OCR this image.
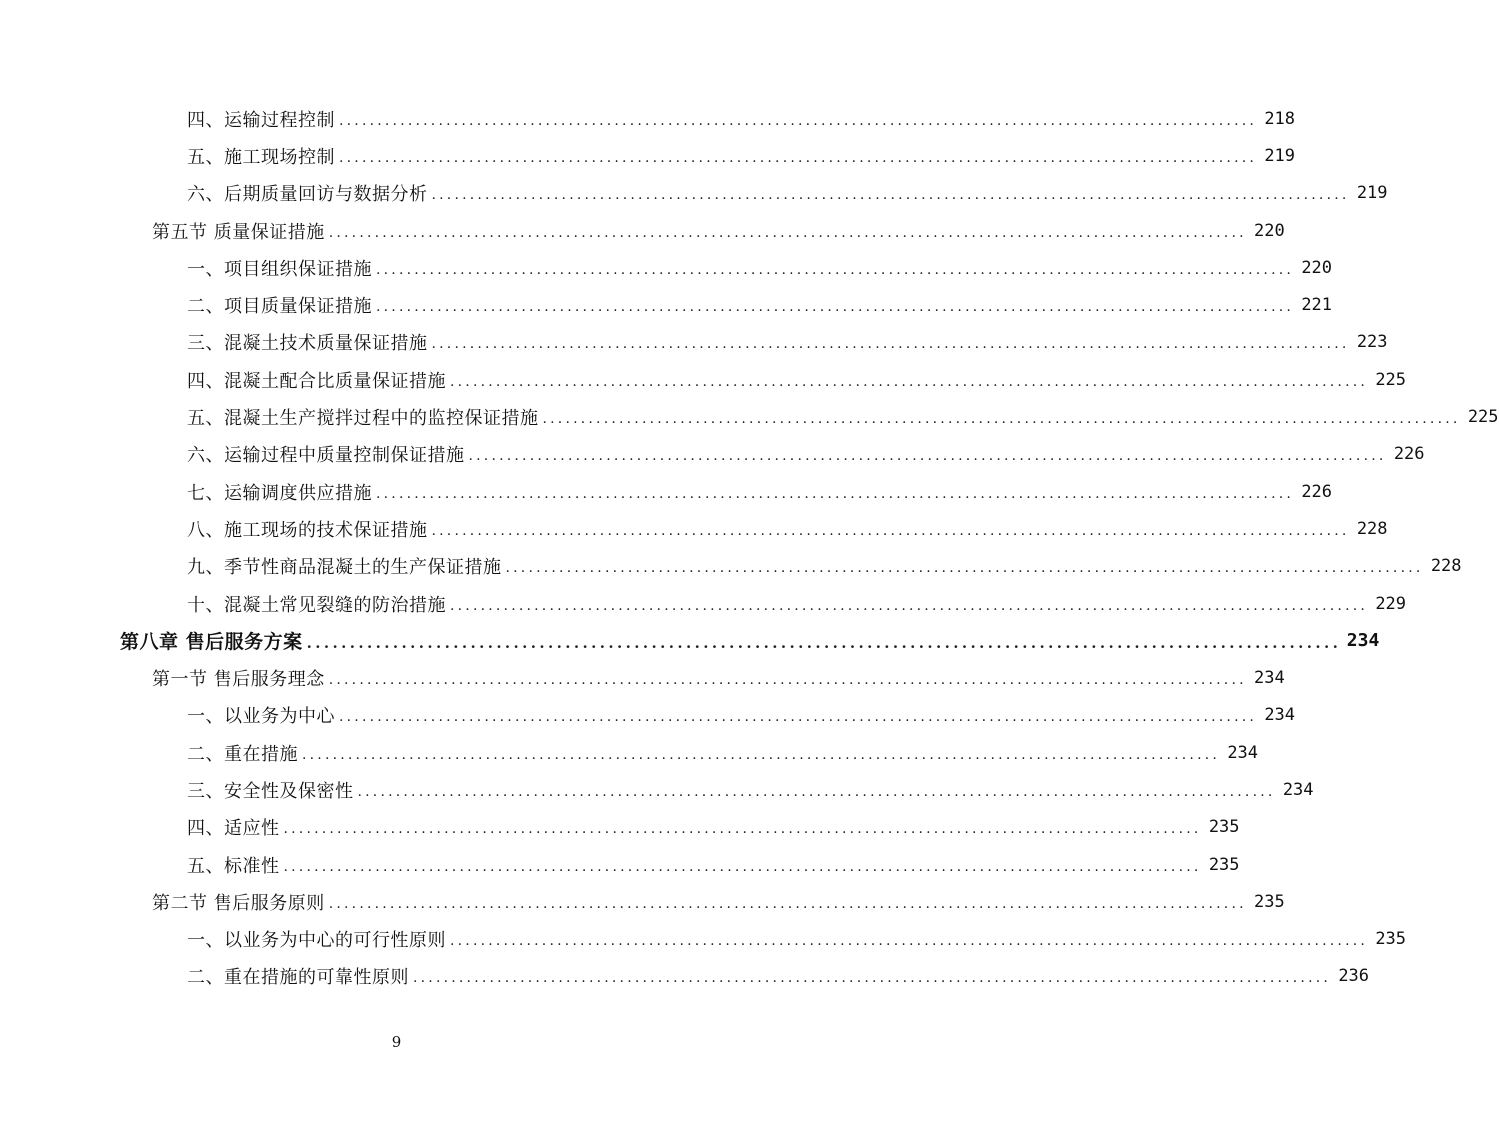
四、运输过程控制 ........................................................................................................................ 218
五、施工现场控制 ........................................................................................................................ 219
六、后期质量回访与数据分析 ........................................................................................................................ 219
第五节 质量保证措施 ........................................................................................................................ 220
一、项目组织保证措施 ........................................................................................................................ 220
二、项目质量保证措施 ........................................................................................................................ 221
三、混凝土技术质量保证措施 ........................................................................................................................ 223
四、混凝土配合比质量保证措施 ........................................................................................................................ 225
五、混凝土生产搅拌过程中的监控保证措施 ........................................................................................................................ 225
六、运输过程中质量控制保证措施 ........................................................................................................................ 226
七、运输调度供应措施 ........................................................................................................................ 226
八、施工现场的技术保证措施 ........................................................................................................................ 228
九、季节性商品混凝土的生产保证措施 ........................................................................................................................ 228
十、混凝土常见裂缝的防治措施 ........................................................................................................................ 229
第八章 售后服务方案 ........................................................................................................................ 234
第一节 售后服务理念 ........................................................................................................................ 234
一、以业务为中心 ........................................................................................................................ 234
二、重在措施 ........................................................................................................................ 234
三、安全性及保密性 ........................................................................................................................ 234
四、适应性 ........................................................................................................................ 235
五、标准性 ........................................................................................................................ 235
第二节 售后服务原则 ........................................................................................................................ 235
一、以业务为中心的可行性原则 ........................................................................................................................ 235
二、重在措施的可靠性原则 ........................................................................................................................ 236
9
